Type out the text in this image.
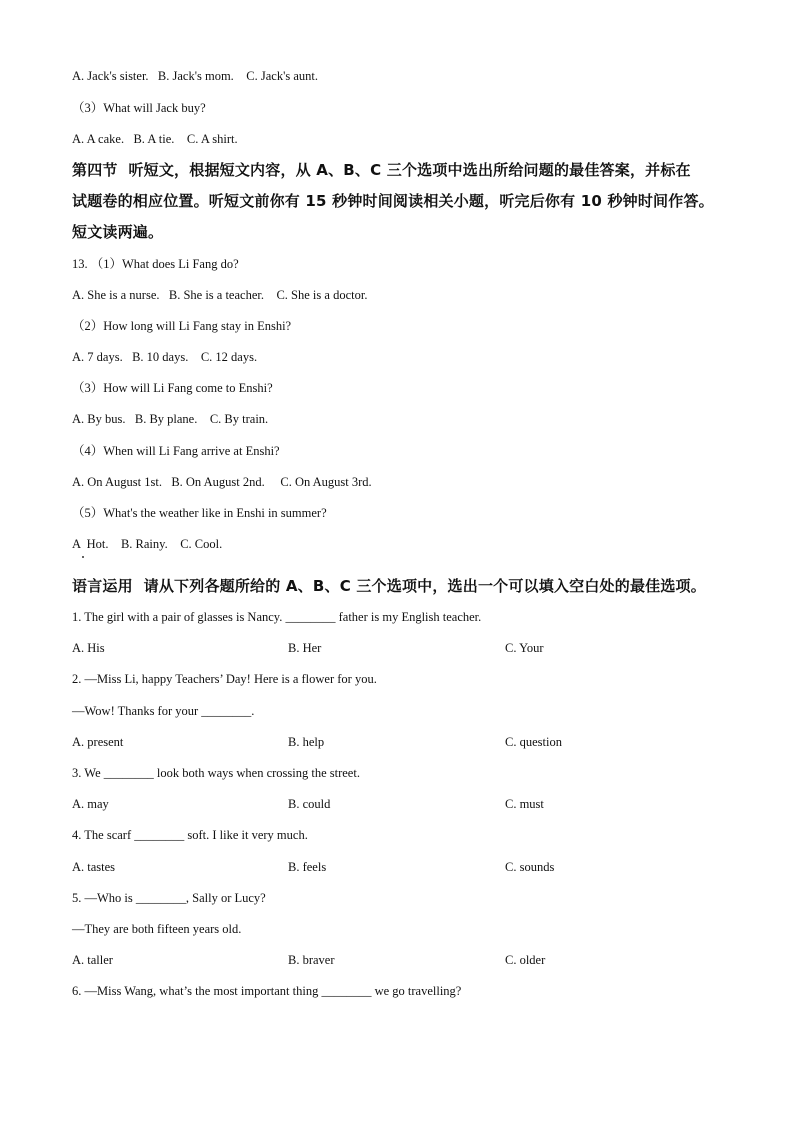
A. Jack's sister.   B. Jack's mom.    C. Jack's aunt.
（3）What will Jack buy?
A. A cake.   B. A tie.    C. A shirt.
第四节  听短文，根据短文内容，从 A、B、C 三个选项中选出所给问题的最佳答案，并标在
试题卷的相应位置。听短文前你有 15 秒钟时间阅读相关小题，听完后你有 10 秒钟时间作答。
短文读两遍。
13. （1）What does Li Fang do?
A. She is a nurse.   B. She is a teacher.    C. She is a doctor.
（2）How long will Li Fang stay in Enshi?
A. 7 days.   B. 10 days.    C. 12 days.
（3）How will Li Fang come to Enshi?
A. By bus.   B. By plane.    C. By train.
（4）When will Li Fang arrive at Enshi?
A. On August 1st.   B. On August 2nd.     C. On August 3rd.
（5）What's the weather like in Enshi in summer?
A  Hot.    B. Rainy.    C. Cool.
语言运用  请从下列各题所给的 A、B、C 三个选项中，选出一个可以填入空白处的最佳选项。
1. The girl with a pair of glasses is Nancy. ________ father is my English teacher.
A. His	B. Her	C. Your
2. —Miss Li, happy Teachers’ Day! Here is a flower for you.
—Wow! Thanks for your ________.
A. present	B. help	C. question
3. We ________ look both ways when crossing the street.
A. may	B. could	C. must
4. The scarf ________ soft. I like it very much.
A. tastes	B. feels	C. sounds
5. —Who is ________, Sally or Lucy?
—They are both fifteen years old.
A. taller	B. braver	C. older
6. —Miss Wang, what’s the most important thing ________ we go travelling?
